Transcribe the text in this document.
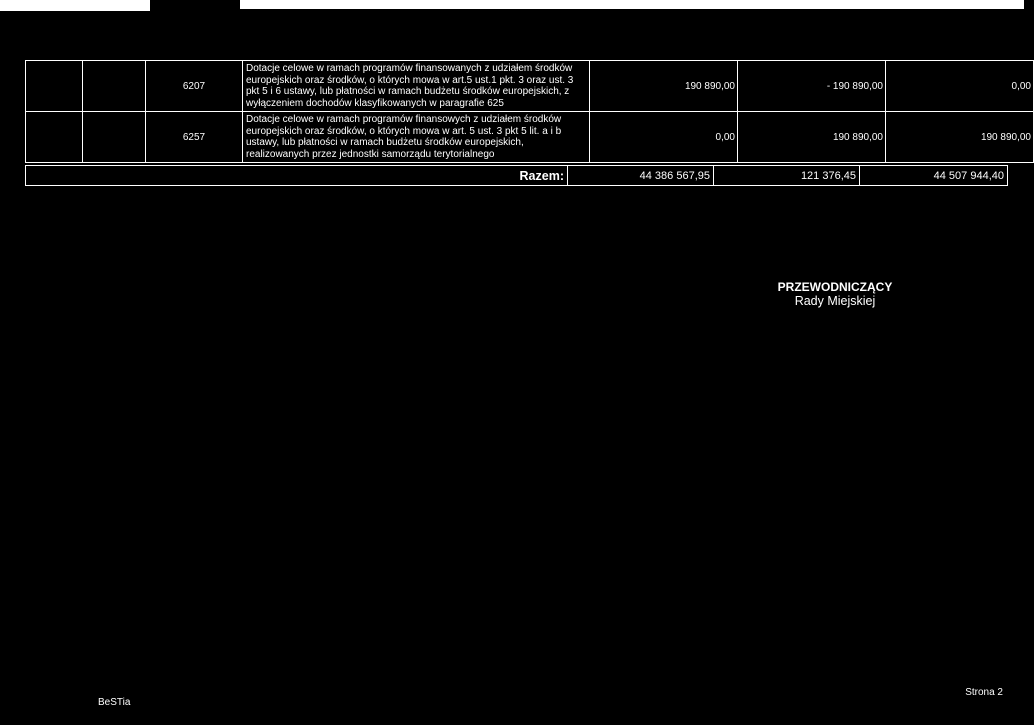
		6207	Dotacje celowe w ramach programów finansowanych z udziałem środków europejskich oraz środków, o których mowa w art.5 ust.1 pkt. 3 oraz ust. 3 pkt 5 i 6 ustawy, lub płatności w ramach budżetu środków europejskich, z wyłączeniem dochodów klasyfikowanych w paragrafie 625	190 890,00	- 190 890,00	0,00
		6257	Dotacje celowe w ramach programów finansowych z udziałem środków europejskich oraz środków, o których mowa w art. 5 ust. 3 pkt 5 lit. a i b ustawy, lub płatności w ramach budżetu środków europejskich, realizowanych przez jednostki samorządu terytorialnego	0,00	190 890,00	190 890,00
Razem:	44 386 567,95	121 376,45	44 507 944,40
PRZEWODNICZĄCY
Rady Miejskiej
BeSTia
Strona 2
